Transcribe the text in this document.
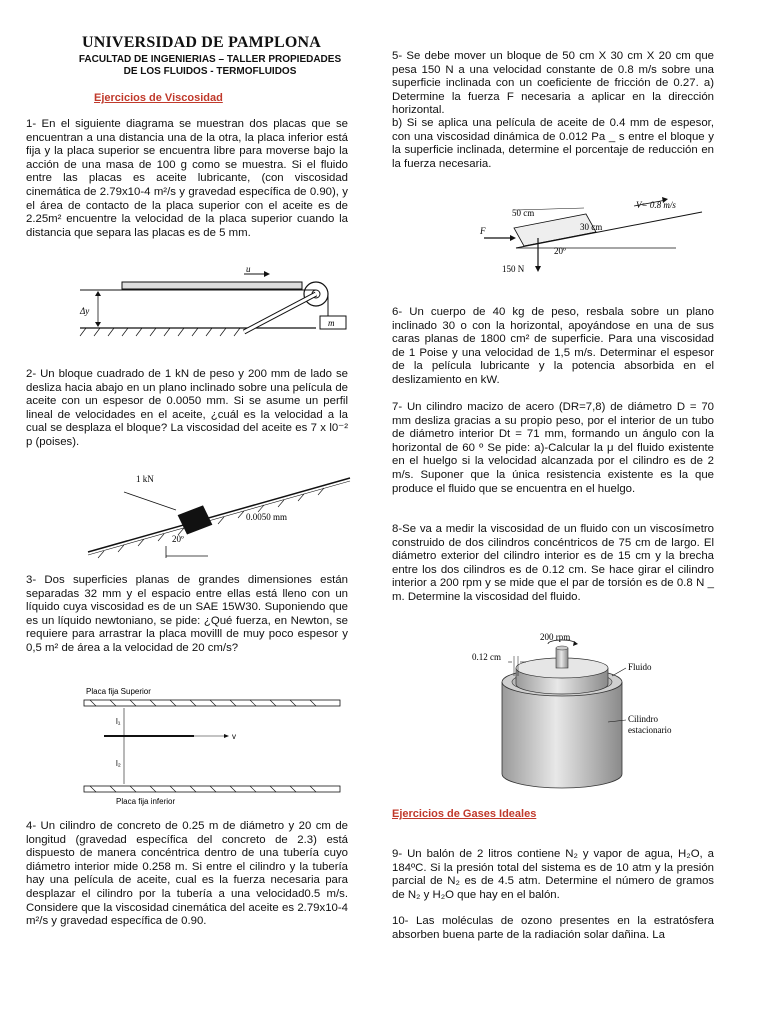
UNIVERSIDAD DE PAMPLONA
FACULTAD DE INGENIERIAS – TALLER PROPIEDADES
DE LOS FLUIDOS - TERMOFLUIDOS
Ejercicios de Viscosidad

1- En el siguiente diagrama se muestran dos placas que se encuentran a una distancia una de la otra, la placa inferior está fija y la placa superior se encuentra libre para moverse bajo la acción de una masa de 100 g como se muestra. Si el fluido entre las placas es aceite lubricante, (con viscosidad cinemática de 2.79x10-4 m²/s y gravedad específica de 0.90), y el área de contacto de la placa superior con el aceite es de 2.25m² encuentre la velocidad de la placa superior cuando la distancia que separa las placas es de 5 mm.

u
Δy
m

2- Un bloque cuadrado de 1 kN de peso y 200 mm de lado se desliza hacia abajo en un plano inclinado sobre una película de aceite con un espesor de 0.0050 mm. Si se asume un perfil lineal de velocidades en el aceite, ¿cuál es la velocidad a la cual se desplaza el bloque? La viscosidad del aceite es 7 x l0⁻² p (poises).

1 kN
0.0050 mm
20º

3- Dos superficies planas de grandes dimensiones están separadas 32 mm y el espacio entre ellas está lleno con un líquido cuya viscosidad es de un SAE 15W30. Suponiendo que es un líquido newtoniano, se pide: ¿Qué fuerza, en Newton, se requiere para arrastrar la placa movilll de muy poco espesor y 0,5 m² de área a la velocidad de 20 cm/s?

Placa fija Superior
Placa fija inferior
l₁
l₂
v

4- Un cilindro de concreto de 0.25 m de diámetro y 20 cm de longitud (gravedad específica del concreto de 2.3) está dispuesto de manera concéntrica dentro de una tubería cuyo diámetro interior mide 0.258 m. Si entre el cilindro y la tubería hay una película de aceite, cual es la fuerza necesaria para desplazar el cilindro por la tubería a una velocidad0.5 m/s. Considere que la viscosidad cinemática del aceite es 2.79x10-4 m²/s y gravedad específica de 0.90.

5- Se debe mover un bloque de 50 cm X 30 cm X 20 cm que pesa 150 N a una velocidad constante de 0.8 m/s sobre una superficie inclinada con un coeficiente de fricción de 0.27. a) Determine la fuerza F necesaria a aplicar en la dirección horizontal.

b) Si se aplica una película de aceite de 0.4 mm de espesor, con una viscosidad dinámica de 0.012 Pa _ s entre el bloque y la superficie inclinada, determine el porcentaje de reducción en la fuerza necesaria.

50 cm
30 cm
V= 0.8 m/s
F
150 N
20º

6- Un cuerpo de 40 kg de peso, resbala sobre un plano inclinado 30 o con la horizontal, apoyándose en una de sus caras planas de 1800 cm² de superficie. Para una viscosidad de 1 Poise y una velocidad de 1,5 m/s. Determinar el espesor de la película lubricante y la potencia absorbida en el deslizamiento en kW.

7- Un cilindro macizo de acero (DR=7,8) de diámetro D = 70 mm desliza gracias a su propio peso, por el interior de un tubo de diámetro interior Dt = 71 mm, formando un ángulo con la horizontal de 60 º Se pide: a)-Calcular la μ del fluido existente en el huelgo si la velocidad alcanzada por el cilindro es de 2 m/s. Suponer que la única resistencia existente es la que produce el fluido que se encuentra en el huelgo.

8-Se va a medir la viscosidad de un fluido con un viscosímetro construido de dos cilindros concéntricos de 75 cm de largo. El diámetro exterior del cilindro interior es de 15 cm y la brecha entre los dos cilindros es de 0.12 cm. Se hace girar el cilindro interior a 200 rpm y se mide que el par de torsión es de 0.8 N _ m. Determine la viscosidad del fluido.

200 rpm
0.12 cm
Fluido
Cilindro
estacionario
Ejercicios de Gases Ideales

9- Un balón de 2 litros contiene N₂ y vapor de agua, H₂O, a 184ºC. Si la presión total del sistema es de 10 atm y la presión parcial de N₂ es de 4.5 atm. Determine el número de gramos de N₂ y H₂O que hay en el balón.

10- Las moléculas de ozono presentes en la estratósfera absorben buena parte de la radiación solar dañina. La
